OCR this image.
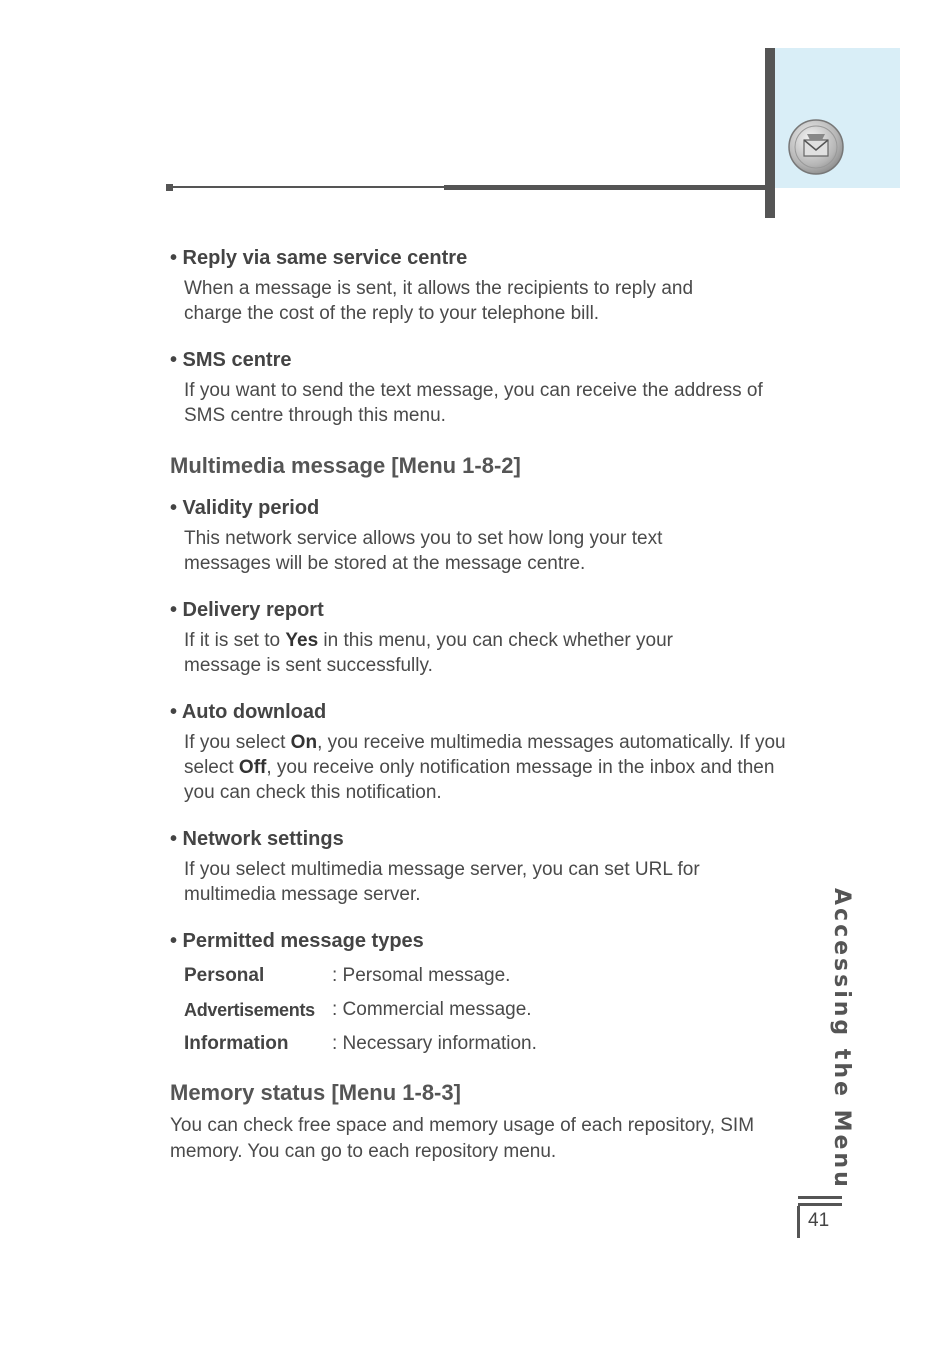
• Reply via same service centre

When a message is sent, it allows the recipients to reply and charge the cost of the reply to your telephone bill.

• SMS centre

If you want to send the text message, you can receive the address of SMS centre through this menu.

Multimedia message [Menu 1-8-2]

• Validity period

This network service allows you to set how long your text messages will be stored at the message centre.

• Delivery report

If it is set to Yes in this menu, you can check whether your message is sent successfully.

• Auto download

If you select On, you receive multimedia messages automatically. If you select Off, you receive only notification message in the inbox and then you can check this notification.

• Network settings

If you select multimedia message server, you can set URL for multimedia message server.

• Permitted message types

Personal	: Persomal message.
Advertisements : Commercial message.
Information	: Necessary information.

Memory status [Menu 1-8-3]

You can check free space and memory usage of each repository, SIM memory. You can go to each repository menu.	Accessing the Menu
41
